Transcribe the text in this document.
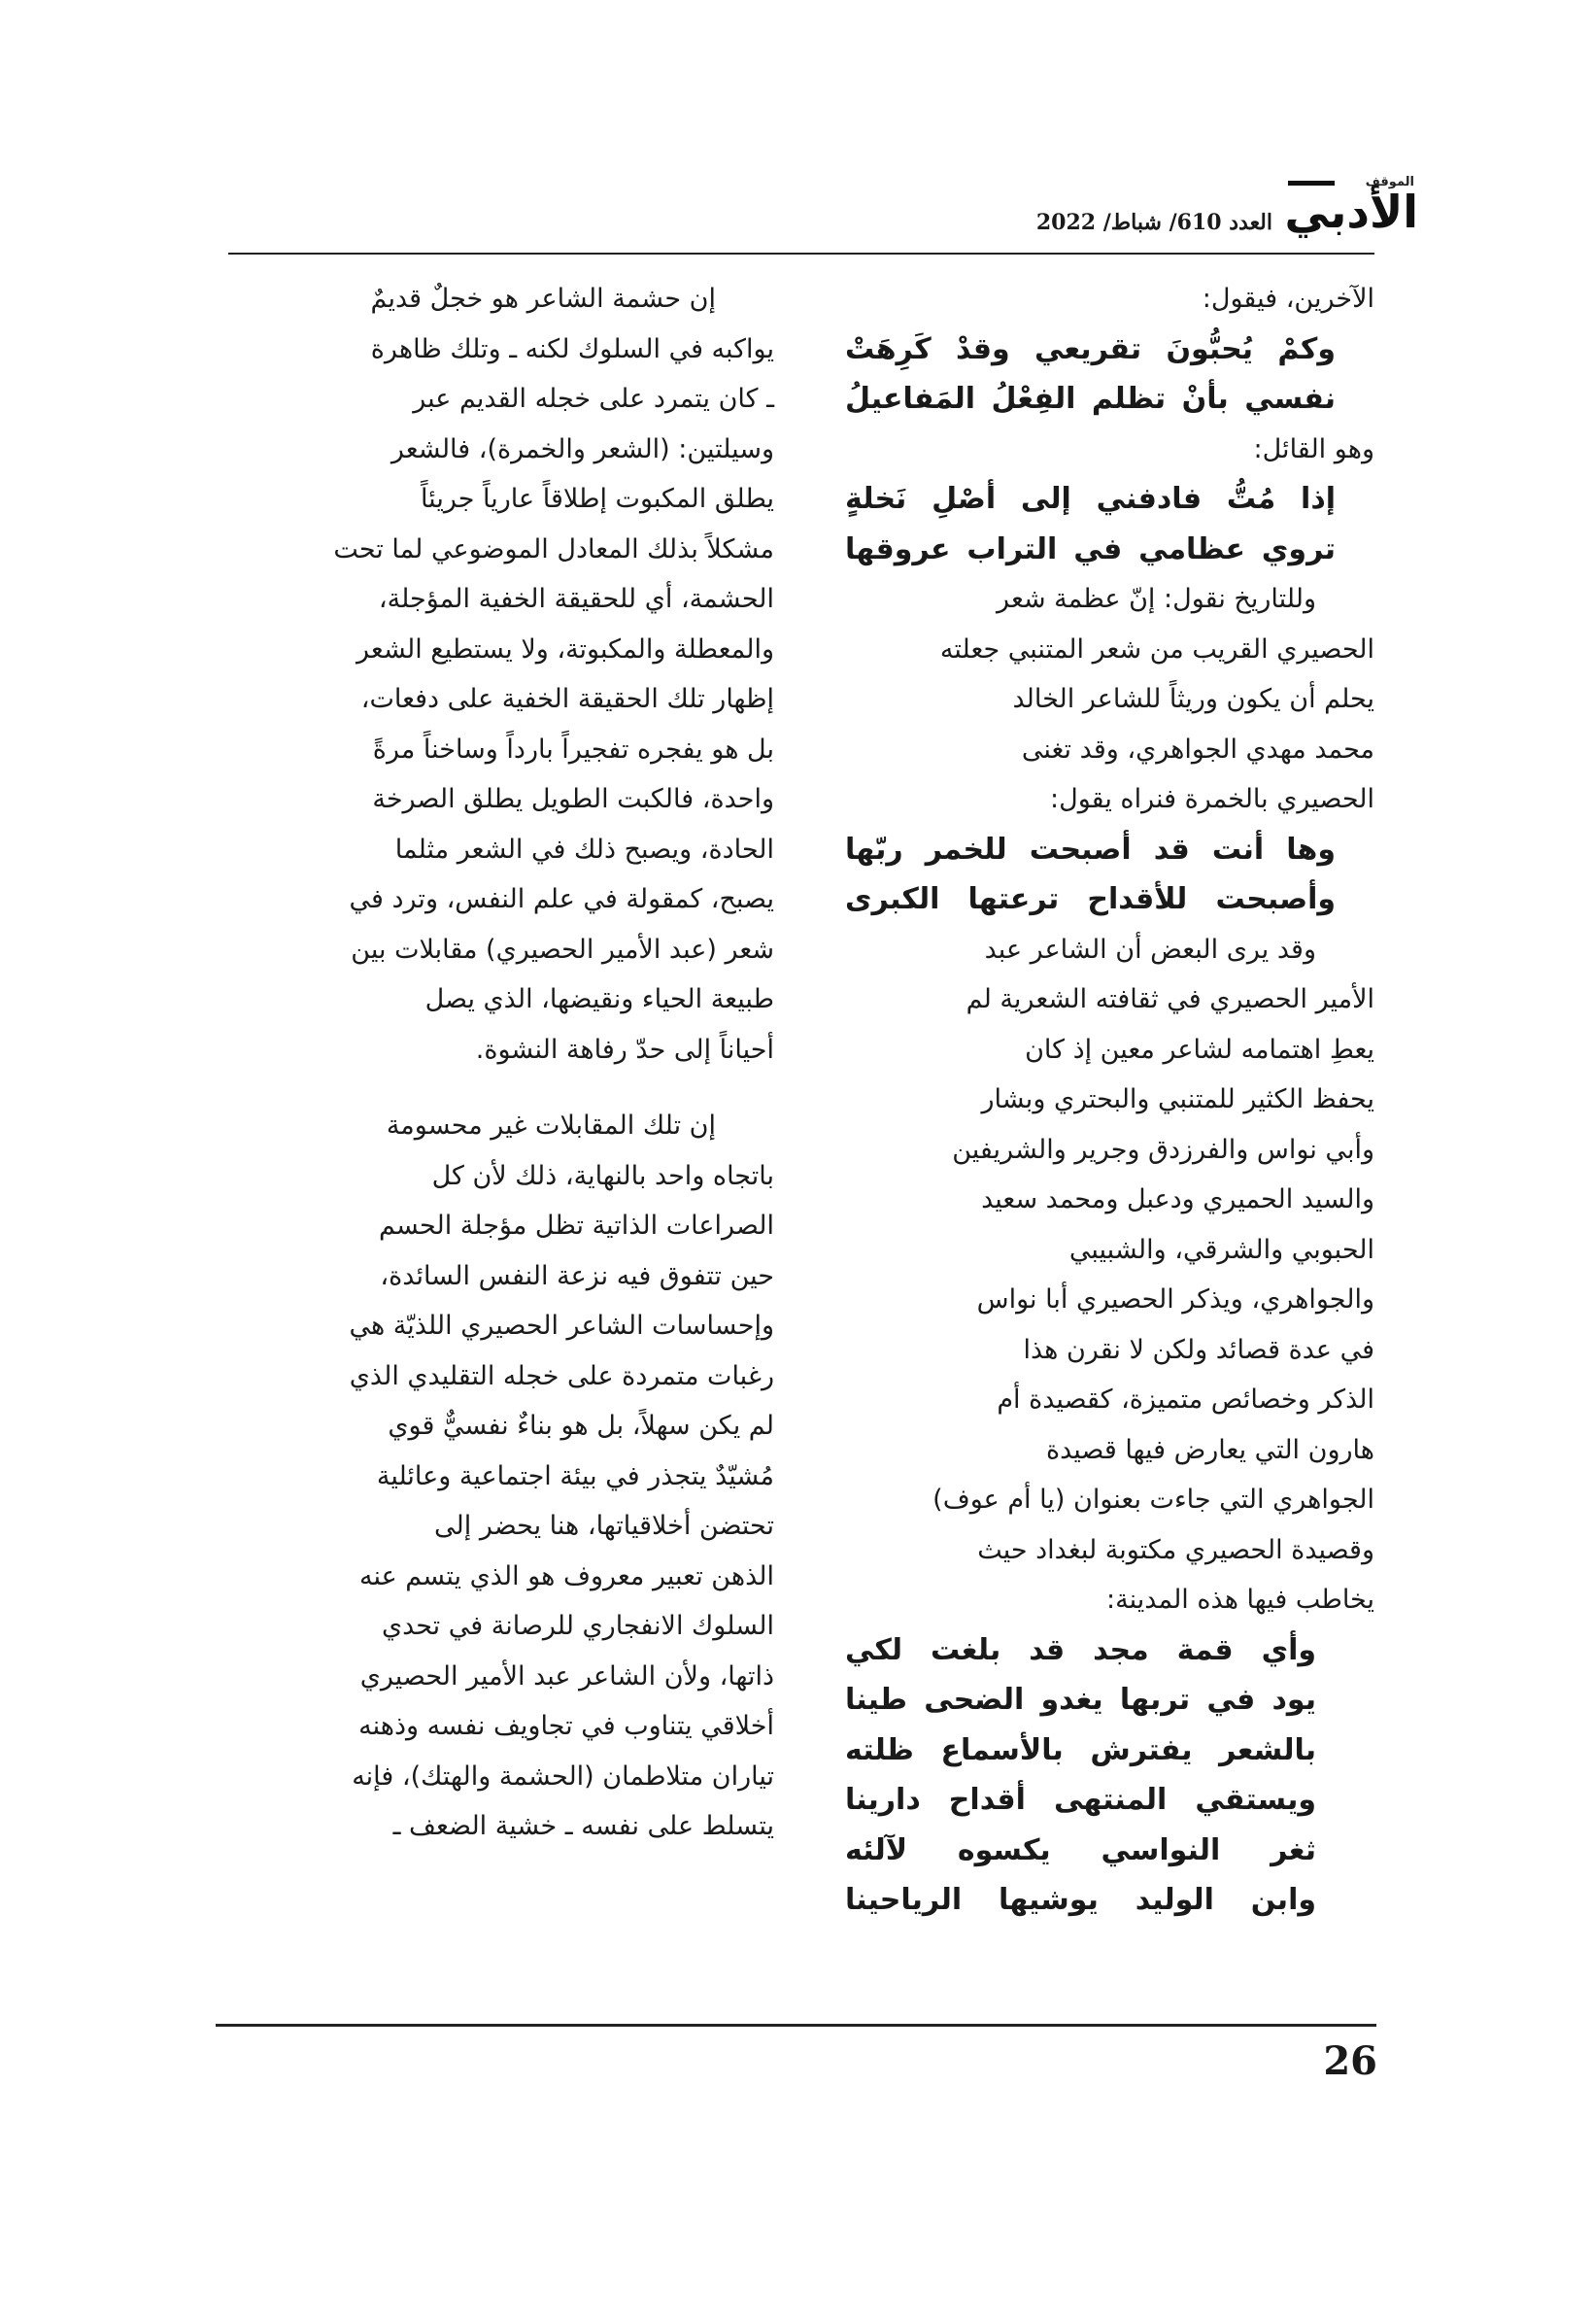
الموقف
الأدبي
العدد 610/ شباط/ 2022

الآخرين، فيقول:

وكمْ يُحبُّونَ تقريعي وقدْ كَرِهَتْ

نفسي بأنْ تظلم الفِعْلُ المَفاعيلُ

وهو القائل:

إذا مُتُّ فادفني إلى أصْلِ نَخلةٍ

تروي عظامي في التراب عروقها

وللتاريخ نقول: إنّ عظمة شعر

الحصيري القريب من شعر المتنبي جعلته

يحلم أن يكون وريثاً للشاعر الخالد

محمد مهدي الجواهري، وقد تغنى

الحصيري بالخمرة فنراه يقول:

وها أنت قد أصبحت للخمر ربّها

وأصبحت للأقداح ترعتها الكبرى

وقد يرى البعض أن الشاعر عبد

الأمير الحصيري في ثقافته الشعرية لم

يعطِ اهتمامه لشاعر معين إذ كان

يحفظ الكثير للمتنبي والبحتري وبشار

وأبي نواس والفرزدق وجرير والشريفين

والسيد الحميري ودعبل ومحمد سعيد

الحبوبي والشرقي، والشبيبي

والجواهري، ويذكر الحصيري أبا نواس

في عدة قصائد ولكن لا نقرن هذا

الذكر وخصائص متميزة، كقصيدة أم

هارون التي يعارض فيها قصيدة

الجواهري التي جاءت بعنوان (يا أم عوف)

وقصيدة الحصيري مكتوبة لبغداد حيث

يخاطب فيها هذه المدينة:

وأي قمة مجد قد بلغت لكي

يود في تربها يغدو الضحى طينا

بالشعر يفترش بالأسماع ظلته

ويستقي المنتهى أقداح دارينا

ثغر النواسي يكسوه لآلئه

وابن الوليد يوشيها الرياحينا

إن حشمة الشاعر هو خجلٌ قديمٌ

يواكبه في السلوك لكنه ـ وتلك ظاهرة

ـ كان يتمرد على خجله القديم عبر

وسيلتين: (الشعر والخمرة)، فالشعر

يطلق المكبوت إطلاقاً عارياً جريئاً

مشكلاً بذلك المعادل الموضوعي لما تحت

الحشمة، أي للحقيقة الخفية المؤجلة،

والمعطلة والمكبوتة، ولا يستطيع الشعر

إظهار تلك الحقيقة الخفية على دفعات،

بل هو يفجره تفجيراً بارداً وساخناً مرةً

واحدة، فالكبت الطويل يطلق الصرخة

الحادة، ويصبح ذلك في الشعر مثلما

يصبح، كمقولة في علم النفس، وترد في

شعر (عبد الأمير الحصيري) مقابلات بين

طبيعة الحياء ونقيضها، الذي يصل

أحياناً إلى حدّ رفاهة النشوة.

إن تلك المقابلات غير محسومة

باتجاه واحد بالنهاية، ذلك لأن كل

الصراعات الذاتية تظل مؤجلة الحسم

حين تتفوق فيه نزعة النفس السائدة،

وإحساسات الشاعر الحصيري اللذيّة هي

رغبات متمردة على خجله التقليدي الذي

لم يكن سهلاً، بل هو بناءٌ نفسيٌّ قوي

مُشيّدٌ يتجذر في بيئة اجتماعية وعائلية

تحتضن أخلاقياتها، هنا يحضر إلى

الذهن تعبير معروف هو الذي يتسم عنه

السلوك الانفجاري للرصانة في تحدي

ذاتها، ولأن الشاعر عبد الأمير الحصيري

أخلاقي يتناوب في تجاويف نفسه وذهنه

تياران متلاطمان (الحشمة والهتك)، فإنه

يتسلط على نفسه ـ خشية الضعف ـ

26
